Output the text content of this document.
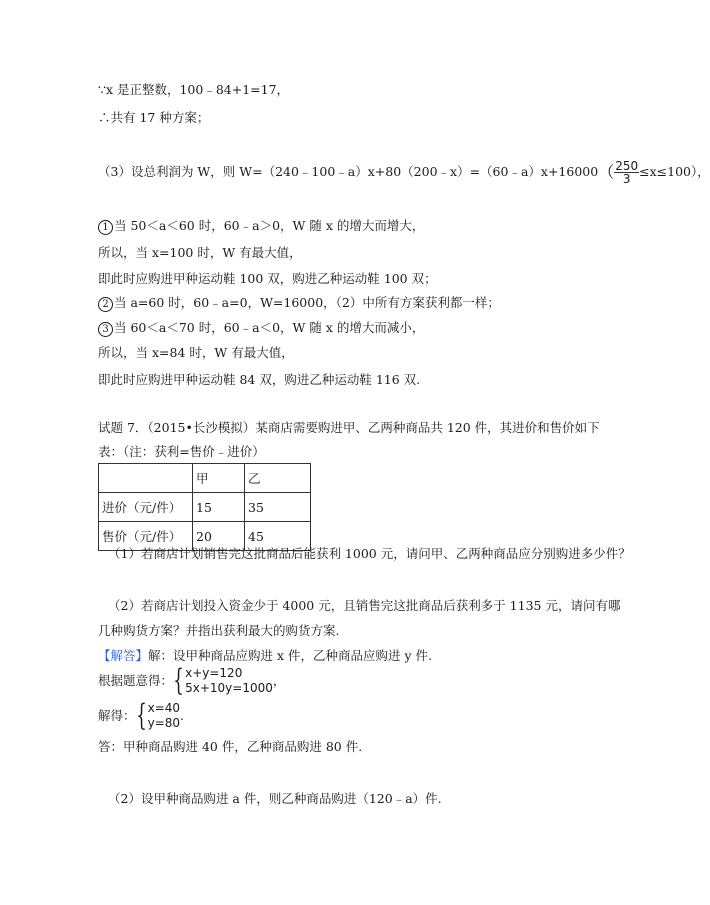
∵x 是正整数，100﹣84+1=17，
∴共有 17 种方案；
（3）设总利润为 W，则 W=（240﹣100﹣a）x+80（200﹣x）=（60﹣a）x+16000（ $\frac{250}{3} \le x\le 100$），
1 当 50＜a＜60 时，60﹣a＞0，W 随 x 的增大而增大，
所以，当 x=100 时，W 有最大值，
即此时应购进甲种运动鞋 100 双，购进乙种运动鞋 100 双；
2 当 a=60 时，60﹣a=0，W=16000，（2）中所有方案获利都一样；
3 当 60＜a＜70 时，60﹣a＜0，W 随 x 的增大而减小，
所以，当 x=84 时，W 有最大值，
即此时应购进甲种运动鞋 84 双，购进乙种运动鞋 116 双.
试题 7．（2015•长沙模拟）某商店需要购进甲、乙两种商品共 120 件，其进价和售价如下
表：（注：获利=售价﹣进价）
	甲	乙
进价（元/件）	15	35
售价（元/件）	20	45
（1）若商店计划销售完这批商品后能获利 1000 元，请问甲、乙两种商品应分别购进多少件？
（2）若商店计划投入资金少于 4000 元，且销售完这批商品后获利多于 1135 元，请问有哪
几种购货方案？并指出获利最大的购货方案.
【解答】解：设甲种商品应购进 x 件，乙种商品应购进 y 件.
根据题意得：{ x+y=120
5x+10y=1000 ，
解得：{ x=40
y=80 .
答：甲种商品购进 40 件，乙种商品购进 80 件.
（2）设甲种商品购进 a 件，则乙种商品购进（120﹣a）件.
